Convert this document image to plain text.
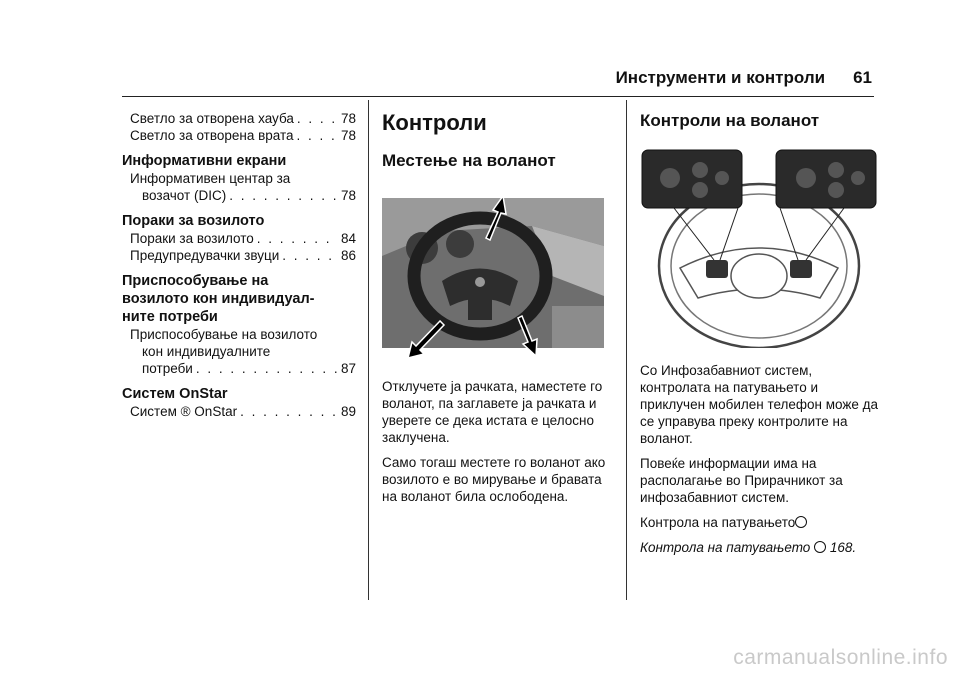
Инструменти и контроли 61
Светло за отворена хауба . . .	78
Светло за отворена врата . . .	78
Информативни екрани
Информативен центар за
возачот (DIC) . . .	78
Пораки за возилото
Пораки за возилото . . .	84
Предупредувачки звуци . . .	86
Приспособување на
возилото кон индивидуал-
ните потреби
Приспособување на возилото
кон индивидуалните
потреби . . .	87
Систем OnStar
Систем ® OnStar . . .	89
Контроли
Местење на воланот

Отклучете ја рачката, наместете го воланот, па заглавете ја рачката и уверете се дека истата е целосно заклучена.

Само тогаш местете го воланот ако возилото е во мирување и бравата на воланот била ослободена.

Контроли на воланот

Со Инфозабавниот систем, контролата на патувањето и приклучен мобилен телефон може да се управува преку контролите на воланот.

Повеќе информации има на располагање во Прирачникот за инфозабавниот систем.

Контрола на патувањето

Контрола на патувањето 168.

carmanualsonline.info
